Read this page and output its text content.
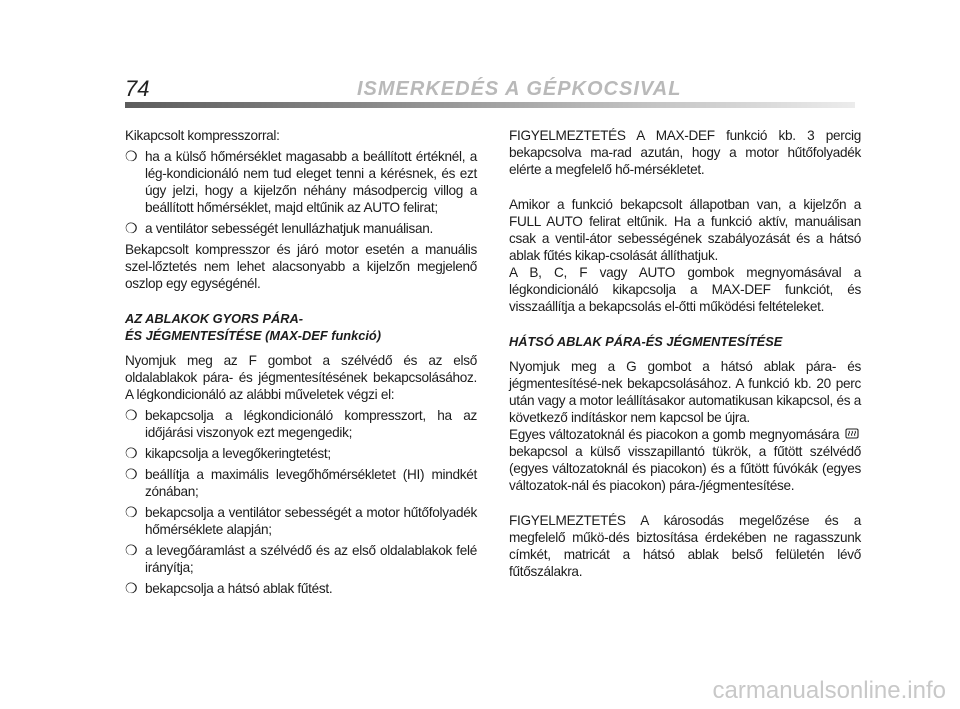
74	ISMERKEDÉS A GÉPKOCSIVAL

Kikapcsolt kompresszorral:

❍ ha a külső hőmérséklet magasabb a beállított értéknél, a lég-kondicionáló nem tud eleget tenni a kérésnek, és ezt úgy jelzi, hogy a kijelzőn néhány másodpercig villog a beállított hőmérséklet, majd eltűnik az AUTO felirat;
❍ a ventilátor sebességét lenullázhatjuk manuálisan.

Bekapcsolt kompresszor és járó motor esetén a manuális szel-lőztetés nem lehet alacsonyabb a kijelzőn megjelenő oszlop egy egységénél.

AZ ABLAKOK GYORS PÁRA-
ÉS JÉGMENTESÍTÉSE (MAX-DEF funkció)

Nyomjuk meg az F gombot a szélvédő és az első oldalablakok pára- és jégmentesítésének bekapcsolásához. A légkondicionáló az alábbi műveletek végzi el:

❍ bekapcsolja a légkondicionáló kompresszort, ha az időjárási viszonyok ezt megengedik;
❍ kikapcsolja a levegőkeringtetést;
❍ beállítja a maximális levegőhőmérsékletet (HI) mindkét zónában;
❍ bekapcsolja a ventilátor sebességét a motor hűtőfolyadék hőmérséklete alapján;
❍ a levegőáramlást a szélvédő és az első oldalablakok felé irányítja;
❍ bekapcsolja a hátsó ablak fűtést.

FIGYELMEZTETÉS A MAX-DEF funkció kb. 3 percig bekapcsolva ma-rad azután, hogy a motor hűtőfolyadék elérte a megfelelő hő-mérsékletet.

Amikor a funkció bekapcsolt állapotban van, a kijelzőn a FULL AUTO felirat eltűnik. Ha a funkció aktív, manuálisan csak a ventil-átor sebességének szabályozását és a hátsó ablak fűtés kikap-csolását állíthatjuk.

A B, C, F vagy AUTO gombok megnyomásával a légkondicionáló kikapcsolja a MAX-DEF funkciót, és visszaállítja a bekapcsolás el-őtti működési feltételeket.

HÁTSÓ ABLAK PÁRA-ÉS JÉGMENTESÍTÉSE

Nyomjuk meg a G gombot a hátsó ablak pára- és jégmentesítésé-nek bekapcsolásához. A funkció kb. 20 perc után vagy a motor leállításakor automatikusan kikapcsol, és a következő indításkor nem kapcsol be újra.

Egyes változatoknál és piacokon a gomb megnyomására  bekapcsol a külső visszapillantó tükrök, a fűtött szélvédő (egyes változatoknál és piacokon) és a fűtött fúvókák (egyes változatok-nál és piacokon) pára-/jégmentesítése.

FIGYELMEZTETÉS A károsodás megelőzése és a megfelelő műkö-dés biztosítása érdekében ne ragasszunk címkét, matricát a hátsó ablak belső felületén lévő fűtőszálakra.

carmanualsonline.info
